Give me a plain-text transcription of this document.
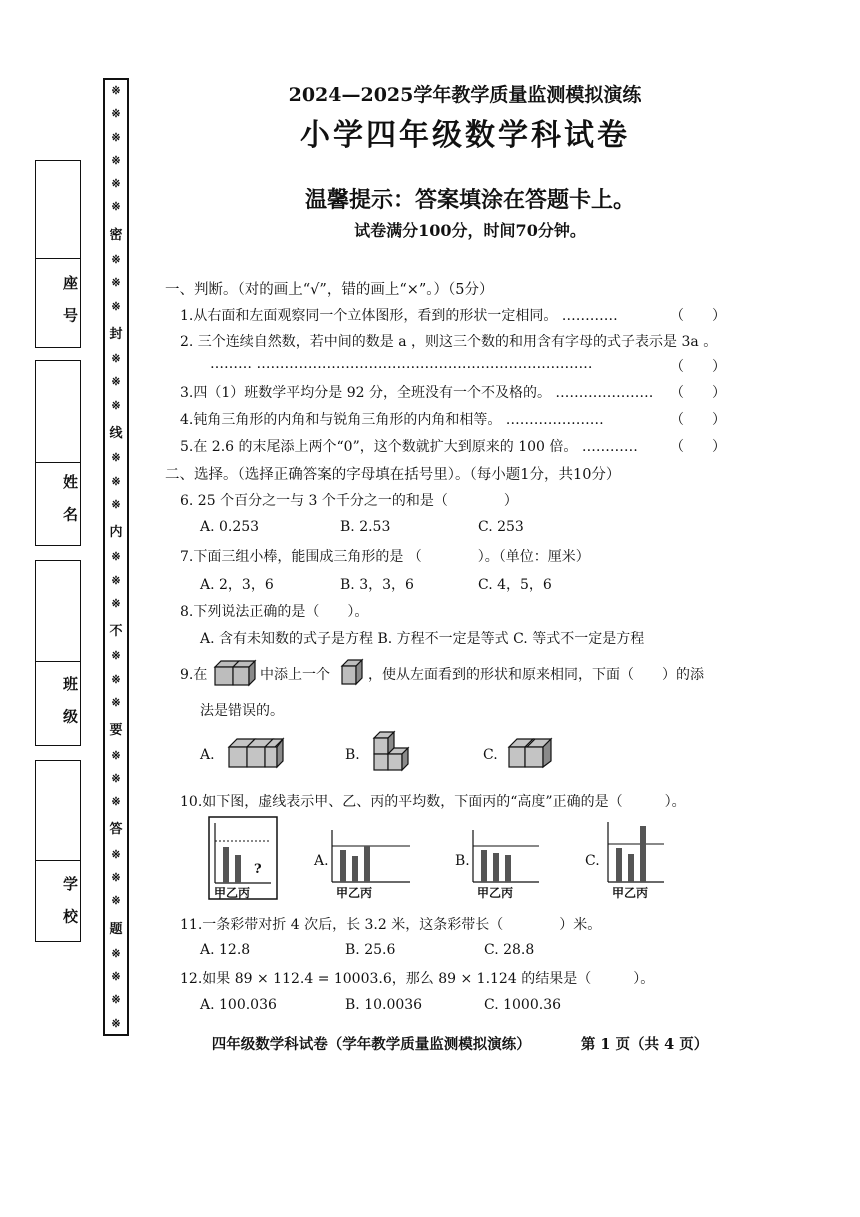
座 号
姓 名
班 级
学 校
※
※
※
※
※
※
密
※
※
※
封
※
※
※
线
※
※
※
内
※
※
※
不
※
※
※
要
※
※
※
答
※
※
※
题
※
※
※
※
2024—2025学年教学质量监测模拟演练
小学四年级数学科试卷
温馨提示：答案填涂在答题卡上。
试卷满分100分，时间70分钟。
一、判断。（对的画上“√”，错的画上“×”。）（5分）
1.从右面和左面观察同一个立体图形，看到的形状一定相同。 …………	（　　）
2. 三个连续自然数，若中间的数是 a ，则这三个数的和用含有字母的式子表示是 3a 。
……… ………………………………………………………………	（　　）
3.四（1）班数学平均分是 92 分，全班没有一个不及格的。 ………………… （　　）
4.钝角三角形的内角和与锐角三角形的内角和相等。 …………………	（　　）
5.在 2.6 的末尾添上两个“0”，这个数就扩大到原来的 100 倍。 ………… （　　）
二、选择。（选择正确答案的字母填在括号里）。（每小题1分，共10分）
6. 25 个百分之一与 3 个千分之一的和是（　　　　）
A. 0.253	B. 2.53	C. 253
7.下面三组小棒，能围成三角形的是 （　　　　）。（单位：厘米）
A. 2，3，6	B. 3，3，6	C. 4，5，6
8.下列说法正确的是（　　）。
A. 含有未知数的式子是方程 B. 方程不一定是等式 C. 等式不一定是方程
9.在	中添上一个	，使从左面看到的形状和原来相同，下面（　　）的添
法是错误的。
A.	B.	C.
10.如下图，虚线表示甲、乙、丙的平均数，下面丙的“高度”正确的是（　　　）。
?
甲乙丙
A.
甲乙丙
B.
甲乙丙
C.
甲乙丙
11.一条彩带对折 4 次后，长 3.2 米，这条彩带长（　　　　）米。
A. 12.8	B. 25.6	C. 28.8
12.如果 89 × 112.4 = 10003.6，那么 89 × 1.124 的结果是（　　　）。
A. 100.036	B. 10.0036	C. 1000.36
四年级数学科试卷（学年教学质量监测模拟演练）	第 1 页（共 4 页）
